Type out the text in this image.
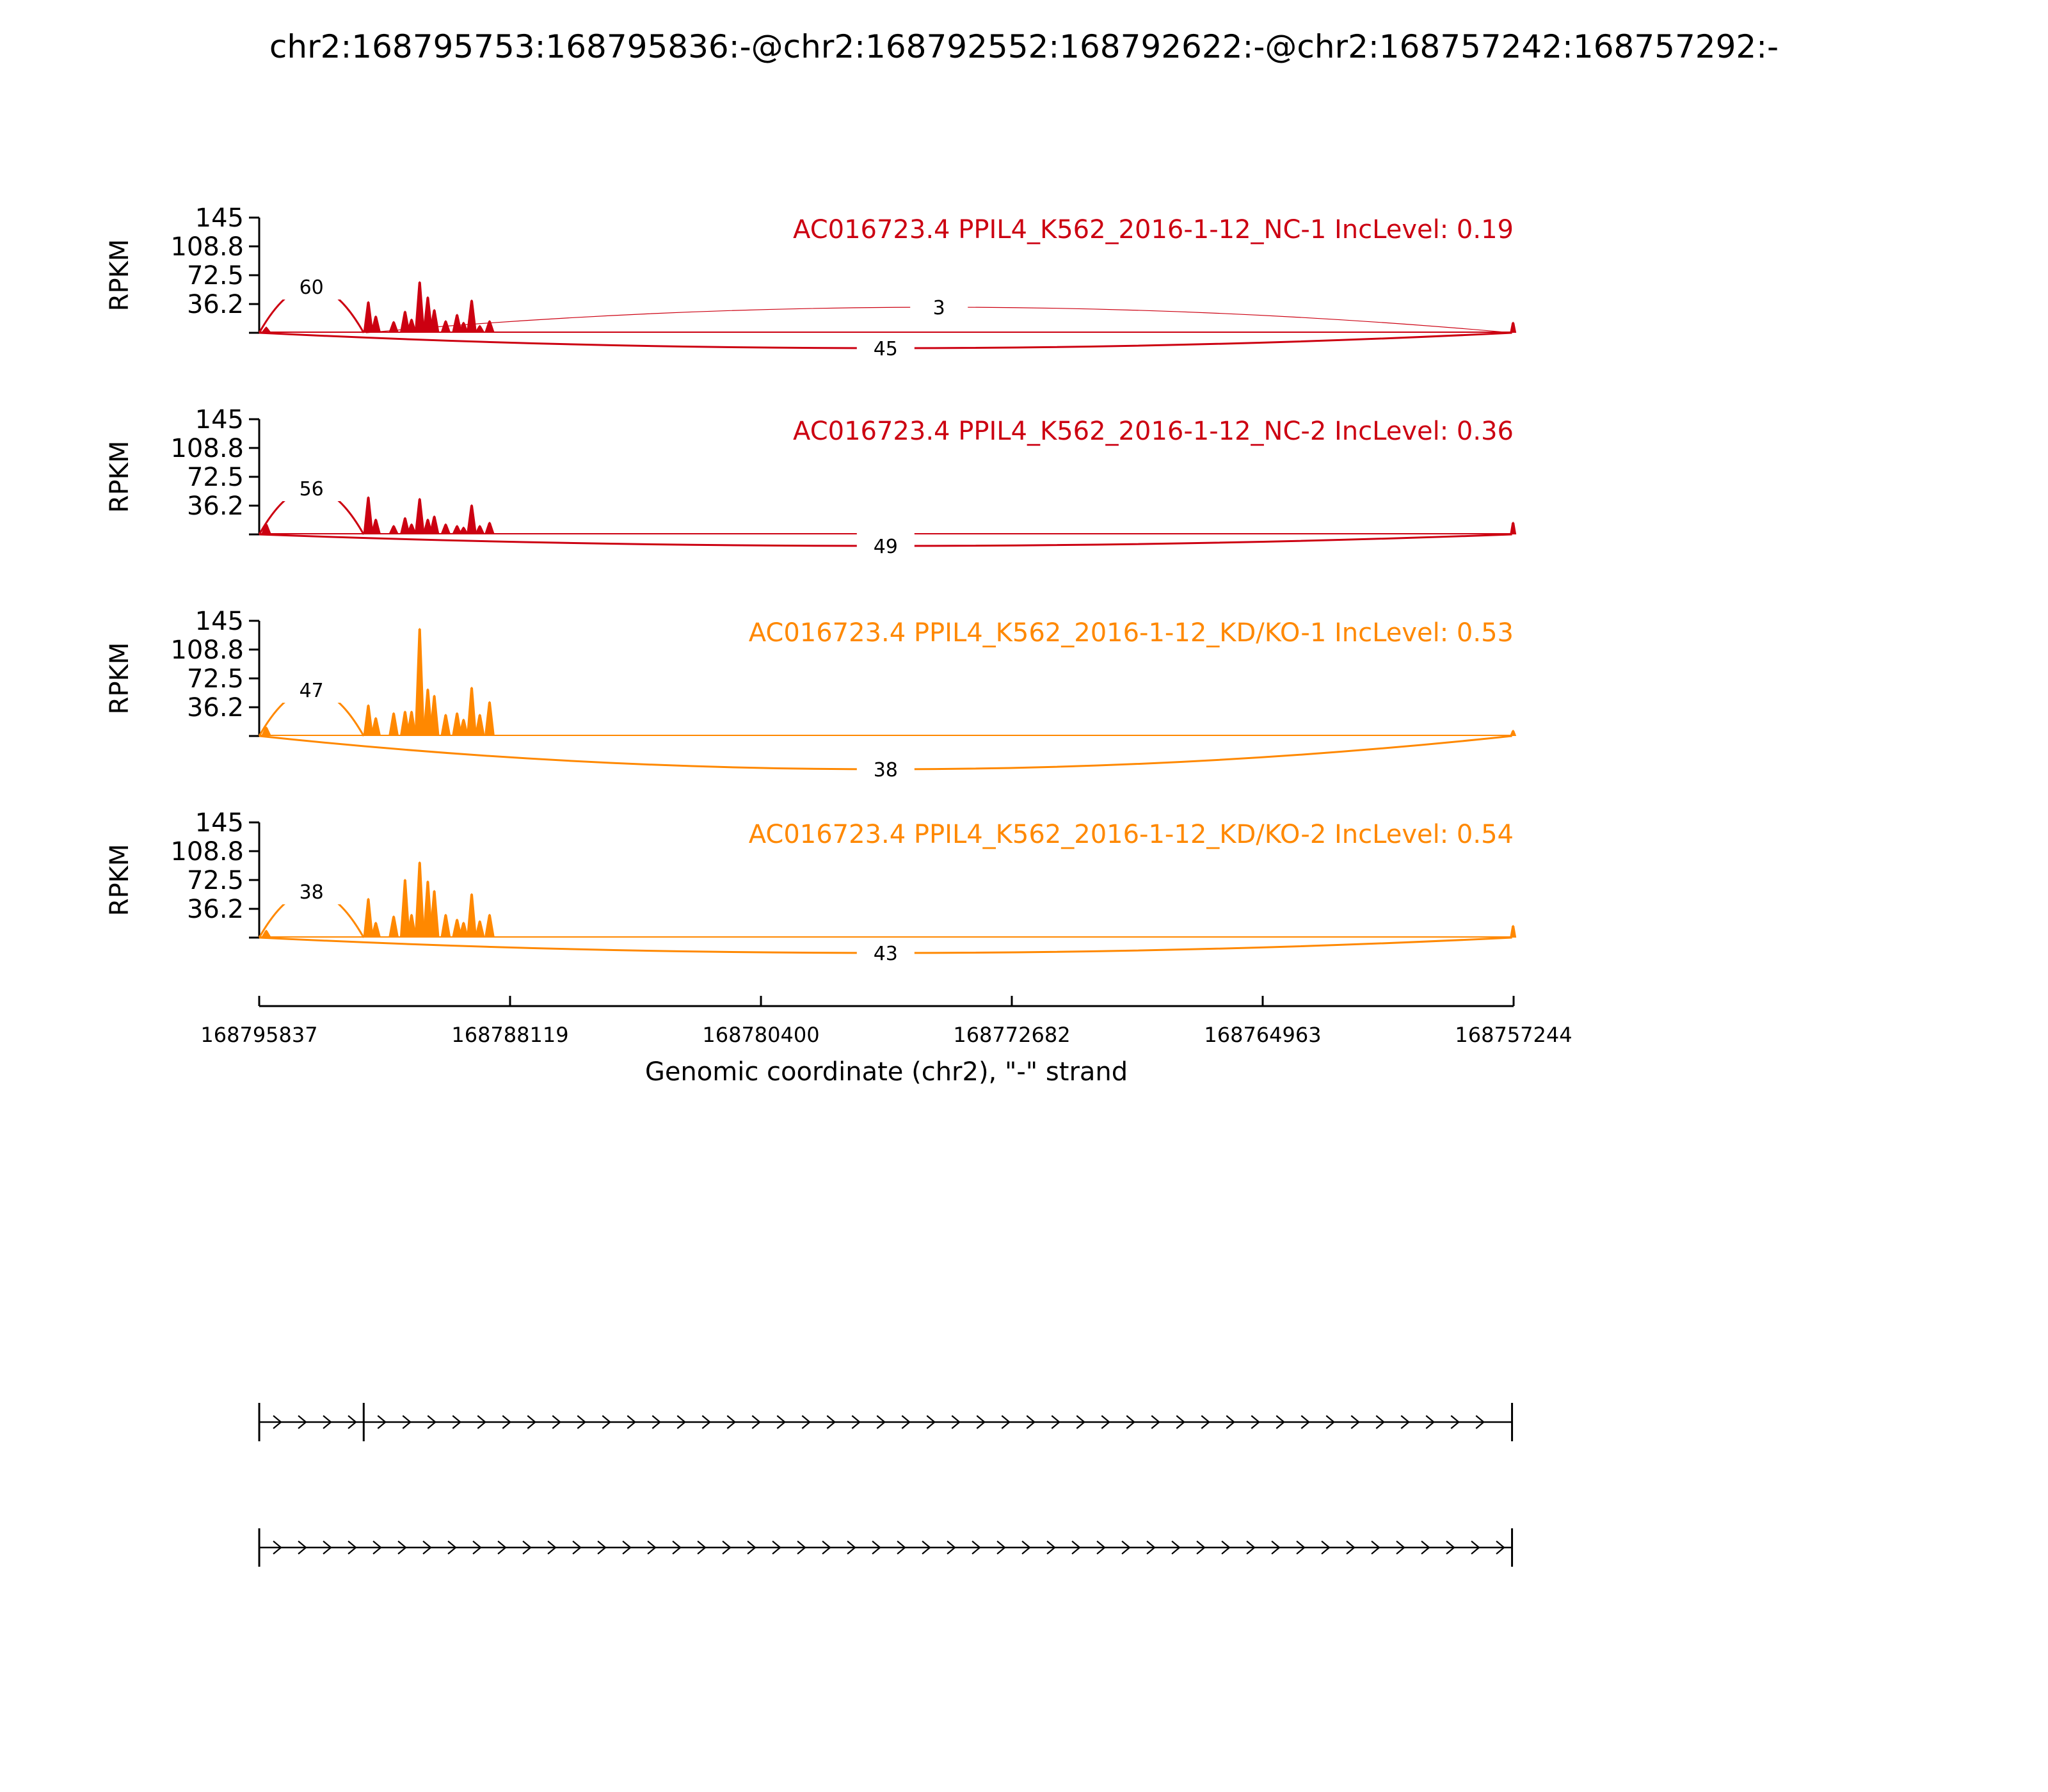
chr2:168795753:168795836:-@chr2:168792552:168792622:-@chr2:168757242:168757292:-
145
108.8
72.5
36.2
RPKM
AC016723.4 PPIL4_K562_2016-1-12_NC-1 IncLevel: 0.19
60
3
45
145
108.8
72.5
36.2
RPKM
AC016723.4 PPIL4_K562_2016-1-12_NC-2 IncLevel: 0.36
56
49
145
108.8
72.5
36.2
RPKM
AC016723.4 PPIL4_K562_2016-1-12_KD/KO-1 IncLevel: 0.53
47
38
145
108.8
72.5
36.2
RPKM
AC016723.4 PPIL4_K562_2016-1-12_KD/KO-2 IncLevel: 0.54
38
43
168795837	168788119	168780400	168772682	168764963	168757244
Genomic coordinate (chr2), "-" strand
